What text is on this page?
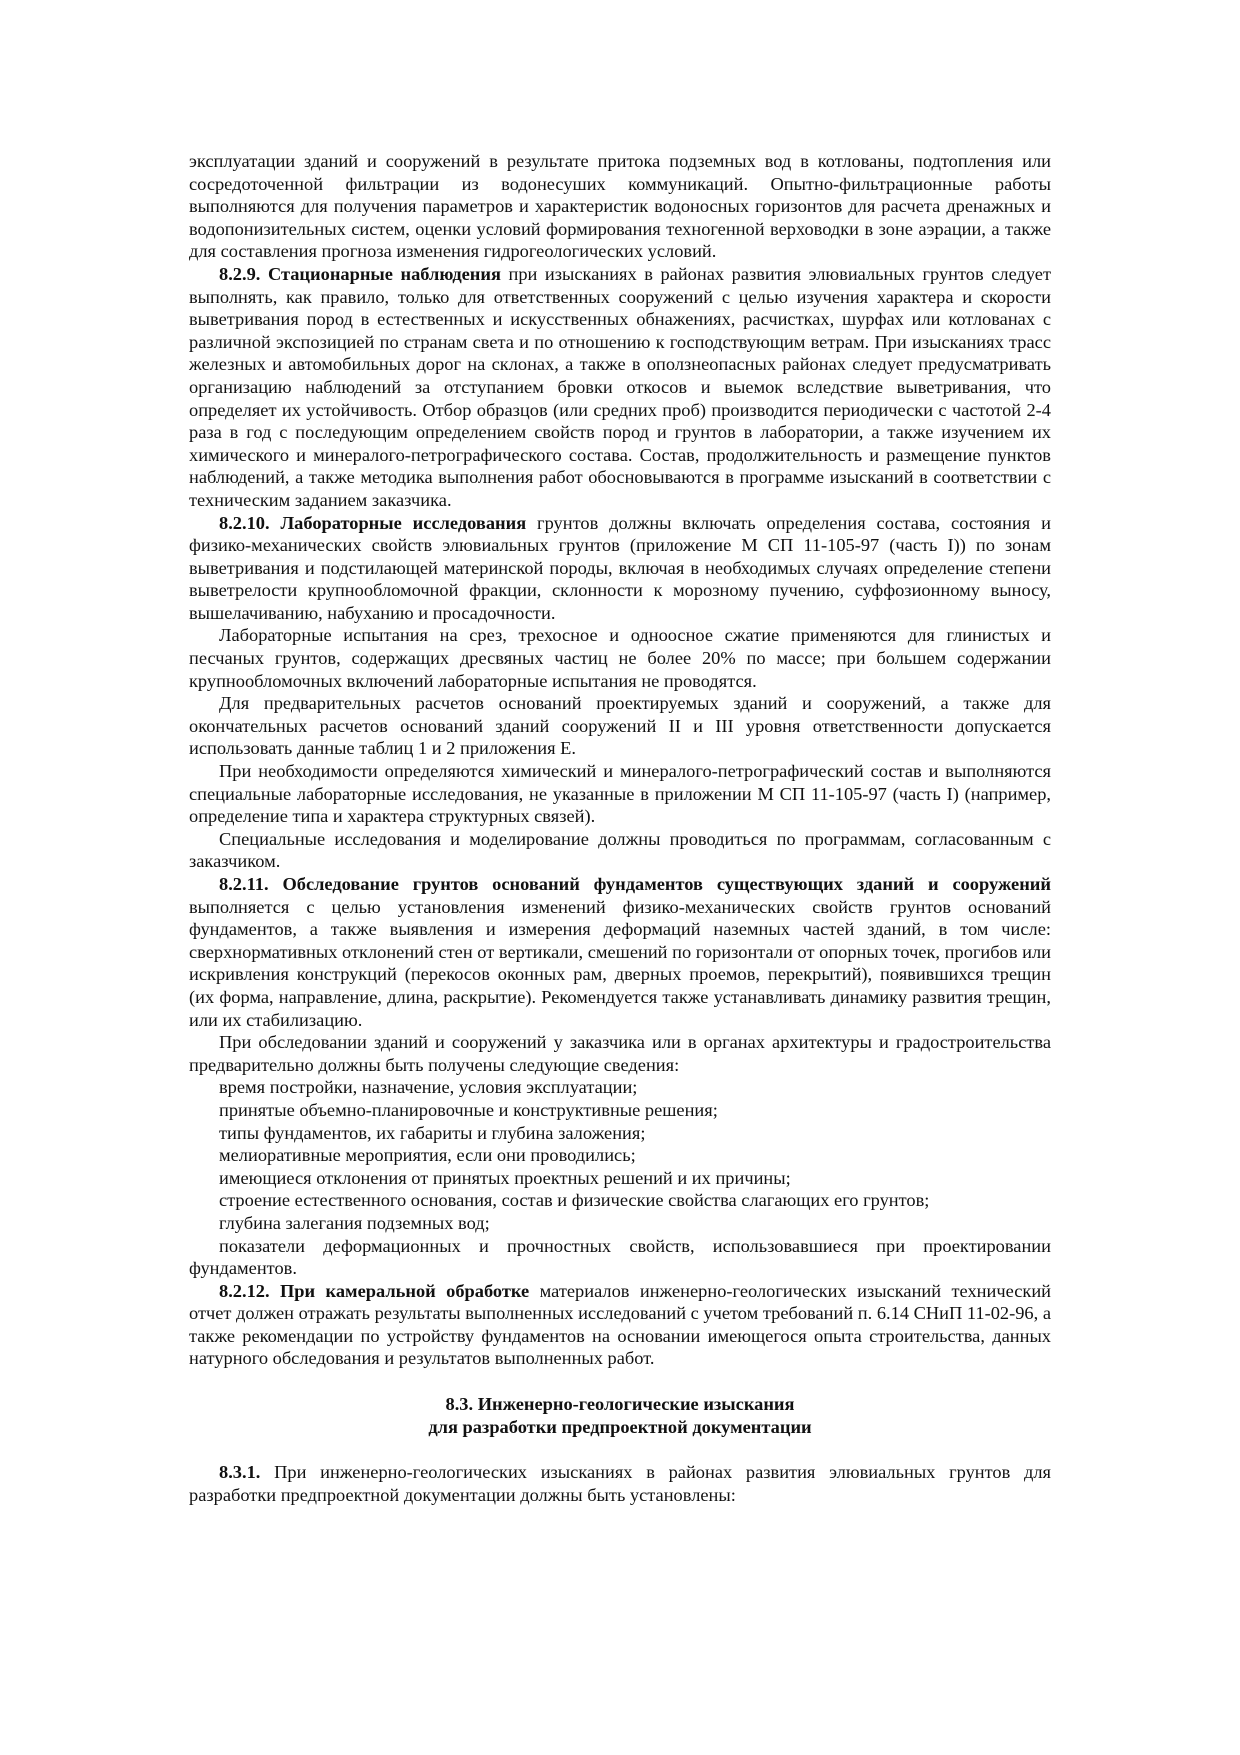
эксплуатации зданий и сооружений в результате притока подземных вод в котлованы, подтопления или сосредоточенной фильтрации из водонесуших коммуникаций. Опытно-фильтрационные работы выполняются для получения параметров и характеристик водоносных горизонтов для расчета дренажных и водопонизительных систем, оценки условий формирования техногенной верховодки в зоне аэрации, а также для составления прогноза изменения гидрогеологических условий.

8.2.9. Стационарные наблюдения при изысканиях в районах развития элювиальных грунтов следует выполнять, как правило, только для ответственных сооружений с целью изучения характера и скорости выветривания пород в естественных и искусственных обнажениях, расчистках, шурфах или котлованах с различной экспозицией по странам света и по отношению к господствующим ветрам. При изысканиях трасс железных и автомобильных дорог на склонах, а также в оползнеопасных районах следует предусматривать организацию наблюдений за отступанием бровки откосов и выемок вследствие выветривания, что определяет их устойчивость. Отбор образцов (или средних проб) производится периодически с частотой 2-4 раза в год с последующим определением свойств пород и грунтов в лаборатории, а также изучением их химического и минералого-петрографического состава. Состав, продолжительность и размещение пунктов наблюдений, а также методика выполнения работ обосновываются в программе изысканий в соответствии с техническим заданием заказчика.

8.2.10. Лабораторные исследования грунтов должны включать определения состава, состояния и физико-механических свойств элювиальных грунтов (приложение М СП 11-105-97 (часть I)) по зонам выветривания и подстилающей материнской породы, включая в необходимых случаях определение степени выветрелости крупнообломочной фракции, склонности к морозному пучению, суффозионному выносу, вышелачиванию, набуханию и просадочности.

Лабораторные испытания на срез, трехосное и одноосное сжатие применяются для глинистых и песчаных грунтов, содержащих дресвяных частиц не более 20% по массе; при большем содержании крупнообломочных включений лабораторные испытания не проводятся.

Для предварительных расчетов оснований проектируемых зданий и сооружений, а также для окончательных расчетов оснований зданий сооружений II и III уровня ответственности допускается использовать данные таблиц 1 и 2 приложения Е.

При необходимости определяются химический и минералого-петрографический состав и выполняются специальные лабораторные исследования, не указанные в приложении М СП 11-105-97 (часть I) (например, определение типа и характера структурных связей).

Специальные исследования и моделирование должны проводиться по программам, согласованным с заказчиком.

8.2.11. Обследование грунтов оснований фундаментов существующих зданий и сооружений выполняется с целью установления изменений физико-механических свойств грунтов оснований фундаментов, а также выявления и измерения деформаций наземных частей зданий, в том числе: сверхнормативных отклонений стен от вертикали, смешений по горизонтали от опорных точек, прогибов или искривления конструкций (перекосов оконных рам, дверных проемов, перекрытий), появившихся трещин (их форма, направление, длина, раскрытие). Рекомендуется также устанавливать динамику развития трещин, или их стабилизацию.

При обследовании зданий и сооружений у заказчика или в органах архитектуры и градостроительства предварительно должны быть получены следующие сведения:

время постройки, назначение, условия эксплуатации;

принятые объемно-планировочные и конструктивные решения;

типы фундаментов, их габариты и глубина заложения;

мелиоративные мероприятия, если они проводились;

имеющиеся отклонения от принятых проектных решений и их причины;

строение естественного основания, состав и физические свойства слагающих его грунтов;

глубина залегания подземных вод;

показатели деформационных и прочностных свойств, использовавшиеся при проектировании фундаментов.

8.2.12. При камеральной обработке материалов инженерно-геологических изысканий технический отчет должен отражать результаты выполненных исследований с учетом требований п. 6.14 СНиП 11-02-96, а также рекомендации по устройству фундаментов на основании имеющегося опыта строительства, данных натурного обследования и результатов выполненных работ.

8.3. Инженерно-геологические изыскания
для разработки предпроектной документации

8.3.1. При инженерно-геологических изысканиях в районах развития элювиальных грунтов для разработки предпроектной документации должны быть установлены:
